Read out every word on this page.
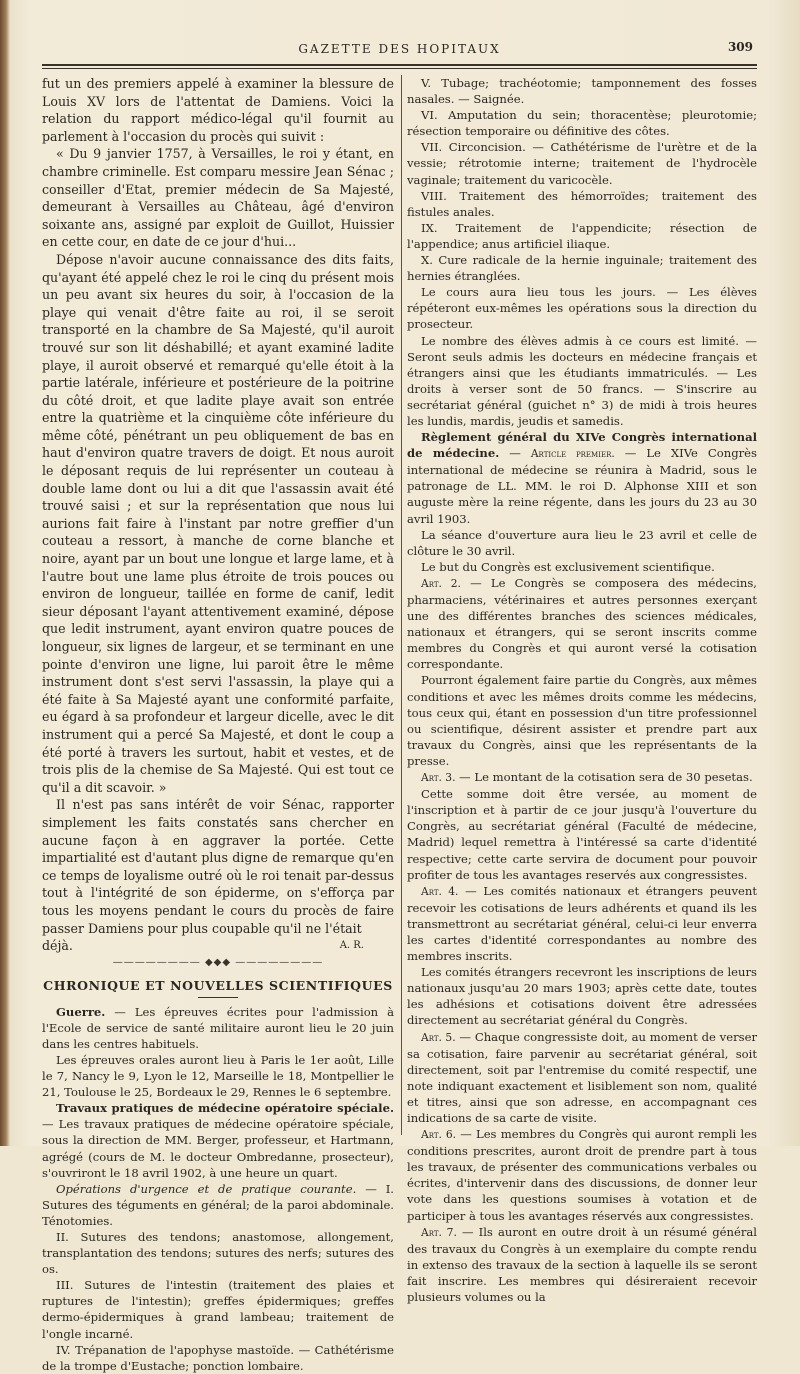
GAZETTE DES HOPITAUX	309

fut un des premiers appelé à examiner la blessure de Louis XV lors de l'attentat de Damiens. Voici la relation du rapport médico-légal qu'il fournit au parlement à l'occasion du procès qui suivit :

« Du 9 janvier 1757, à Versailles, le roi y étant, en chambre criminelle. Est comparu messire Jean Sénac ; conseiller d'Etat, premier médecin de Sa Majesté, demeurant à Versailles au Château, âgé d'environ soixante ans, assigné par exploit de Guillot, Huissier en cette cour, en date de ce jour d'hui...

Dépose n'avoir aucune connaissance des dits faits, qu'ayant été appelé chez le roi le cinq du présent mois un peu avant six heures du soir, à l'occasion de la playe qui venait d'être faite au roi, il se seroit transporté en la chambre de Sa Majesté, qu'il auroit trouvé sur son lit déshabillé; et ayant examiné ladite playe, il auroit observé et remarqué qu'elle étoit à la partie latérale, inférieure et postérieure de la poitrine du côté droit, et que ladite playe avait son entrée entre la quatrième et la cinquième côte inférieure du même côté, pénétrant un peu obliquement de bas en haut d'environ quatre travers de doigt. Et nous auroit le déposant requis de lui représenter un couteau à double lame dont ou lui a dit que l'assassin avait été trouvé saisi ; et sur la représentation que nous lui aurions fait faire à l'instant par notre greffier d'un couteau a ressort, à manche de corne blanche et noire, ayant par un bout une longue et large lame, et à l'autre bout une lame plus étroite de trois pouces ou environ de longueur, taillée en forme de canif, ledit sieur déposant l'ayant attentivement examiné, dépose que ledit instrument, ayant environ quatre pouces de longueur, six lignes de largeur, et se terminant en une pointe d'environ une ligne, lui paroit être le même instrument dont s'est servi l'assassin, la playe qui a été faite à Sa Majesté ayant une conformité parfaite, eu égard à sa profondeur et largeur dicelle, avec le dit instrument qui a percé Sa Majesté, et dont le coup a été porté à travers les surtout, habit et vestes, et de trois plis de la chemise de Sa Majesté. Qui est tout ce qu'il a dit scavoir. »

Il n'est pas sans intérêt de voir Sénac, rapporter simplement les faits constatés sans chercher en aucune façon à en aggraver la portée. Cette impartialité est d'autant plus digne de remarque qu'en ce temps de loyalisme outré où le roi tenait par-dessus tout à l'intégrité de son épiderme, on s'efforça par tous les moyens pendant le cours du procès de faire passer Damiens pour plus coupable qu'il ne l'était

déjà.	A. R.
———————— ◆◆◆ ————————
CHRONIQUE ET NOUVELLES SCIENTIFIQUES

Guerre. — Les épreuves écrites pour l'admission à l'Ecole de service de santé militaire auront lieu le 20 juin dans les centres habituels.

Les épreuves orales auront lieu à Paris le 1er août, Lille le 7, Nancy le 9, Lyon le 12, Marseille le 18, Montpellier le 21, Toulouse le 25, Bordeaux le 29, Rennes le 6 septembre.

Travaux pratiques de médecine opératoire spéciale. — Les travaux pratiques de médecine opératoire spéciale, sous la direction de MM. Berger, professeur, et Hartmann, agrégé (cours de M. le docteur Ombredanne, prosecteur), s'ouvriront le 18 avril 1902, à une heure un quart.

Opérations d'urgence et de pratique courante. — I. Sutures des téguments en général; de la paroi abdominale. Ténotomies.

II. Sutures des tendons; anastomose, allongement, transplantation des tendons; sutures des nerfs; sutures des os.

III. Sutures de l'intestin (traitement des plaies et ruptures de l'intestin); greffes épidermiques; greffes dermo-épidermiques à grand lambeau; traitement de l'ongle incarné.

IV. Trépanation de l'apophyse mastoïde. — Cathétérisme de la trompe d'Eustache; ponction lombaire.

V. Tubage; trachéotomie; tamponnement des fosses nasales. — Saignée.

VI. Amputation du sein; thoracentèse; pleurotomie; résection temporaire ou définitive des côtes.

VII. Circoncision. — Cathétérisme de l'urètre et de la vessie; rétrotomie interne; traitement de l'hydrocèle vaginale; traitement du varicocèle.

VIII. Traitement des hémorroïdes; traitement des fistules anales.

IX. Traitement de l'appendicite; résection de l'appendice; anus artificiel iliaque.

X. Cure radicale de la hernie inguinale; traitement des hernies étranglées.

Le cours aura lieu tous les jours. — Les élèves répéteront eux-mêmes les opérations sous la direction du prosecteur.

Le nombre des élèves admis à ce cours est limité. — Seront seuls admis les docteurs en médecine français et étrangers ainsi que les étudiants immatriculés. — Les droits à verser sont de 50 francs. — S'inscrire au secrétariat général (guichet n° 3) de midi à trois heures les lundis, mardis, jeudis et samedis.

Règlement général du XIVe Congrès international de médecine. — Article premier. — Le XIVe Congrès international de médecine se réunira à Madrid, sous le patronage de LL. MM. le roi D. Alphonse XIII et son auguste mère la reine régente, dans les jours du 23 au 30 avril 1903.

La séance d'ouverture aura lieu le 23 avril et celle de clôture le 30 avril.

Le but du Congrès est exclusivement scientifique.

Art. 2. — Le Congrès se composera des médecins, pharmaciens, vétérinaires et autres personnes exerçant une des différentes branches des sciences médicales, nationaux et étrangers, qui se seront inscrits comme membres du Congrès et qui auront versé la cotisation correspondante.

Pourront également faire partie du Congrès, aux mêmes conditions et avec les mêmes droits comme les médecins, tous ceux qui, étant en possession d'un titre professionnel ou scientifique, désirent assister et prendre part aux travaux du Congrès, ainsi que les représentants de la presse.

Art. 3. — Le montant de la cotisation sera de 30 pesetas.

Cette somme doit être versée, au moment de l'inscription et à partir de ce jour jusqu'à l'ouverture du Congrès, au secrétariat général (Faculté de médecine, Madrid) lequel remettra à l'intéressé sa carte d'identité respective; cette carte servira de document pour pouvoir profiter de tous les avantages reservés aux congressistes.

Art. 4. — Les comités nationaux et étrangers peuvent recevoir les cotisations de leurs adhérents et quand ils les transmettront au secrétariat général, celui-ci leur enverra les cartes d'identité correspondantes au nombre des membres inscrits.

Les comités étrangers recevront les inscriptions de leurs nationaux jusqu'au 20 mars 1903; après cette date, toutes les adhésions et cotisations doivent être adressées directement au secrétariat général du Congrès.

Art. 5. — Chaque congressiste doit, au moment de verser sa cotisation, faire parvenir au secrétariat général, soit directement, soit par l'entremise du comité respectif, une note indiquant exactement et lisiblement son nom, qualité et titres, ainsi que son adresse, en accompagnant ces indications de sa carte de visite.

Art. 6. — Les membres du Congrès qui auront rempli les conditions prescrites, auront droit de prendre part à tous les travaux, de présenter des communications verbales ou écrites, d'intervenir dans des discussions, de donner leur vote dans les questions soumises à votation et de participer à tous les avantages réservés aux congressistes.

Art. 7. — Ils auront en outre droit à un résumé général des travaux du Congrès à un exemplaire du compte rendu in extenso des travaux de la section à laquelle ils se seront fait inscrire. Les membres qui désireraient recevoir plusieurs volumes ou la
